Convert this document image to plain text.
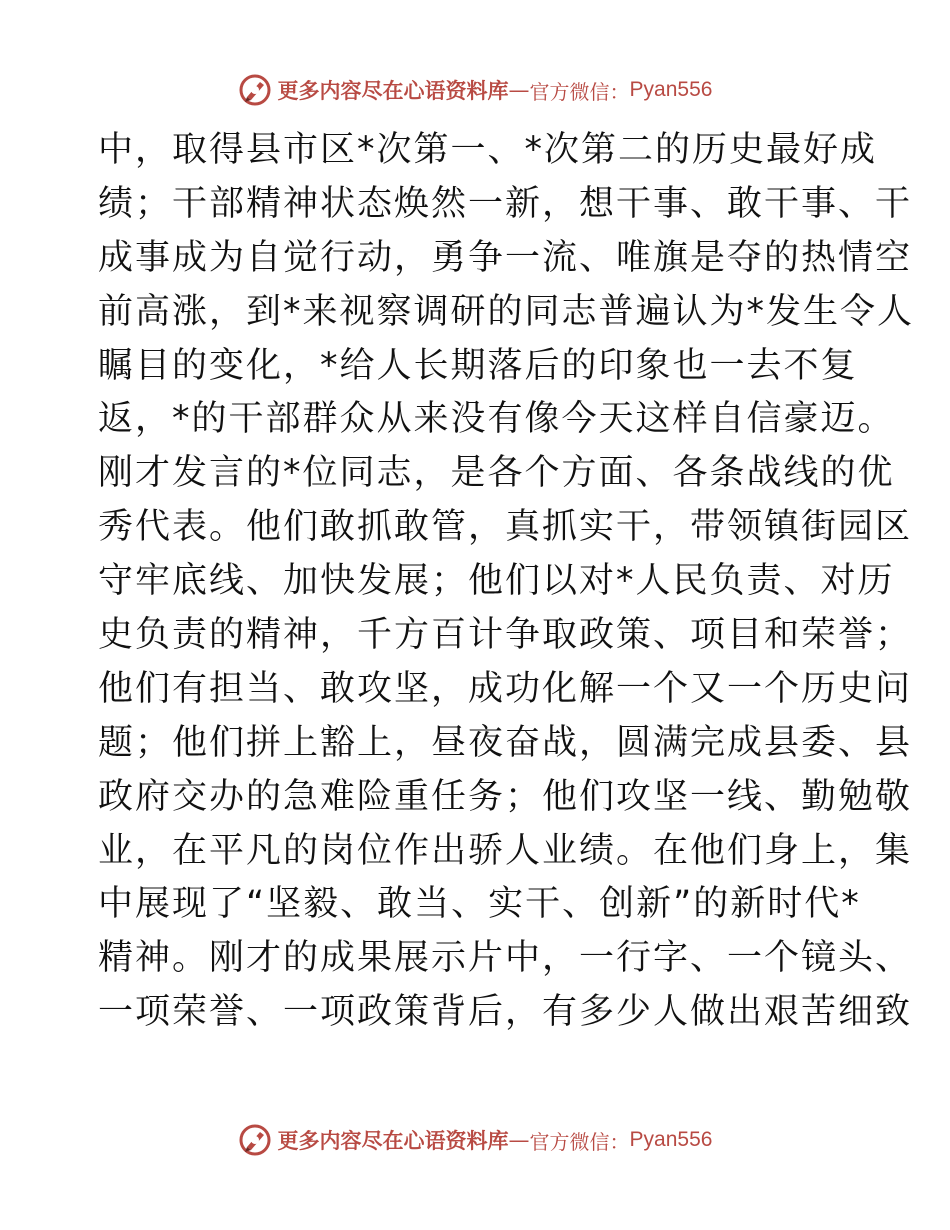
更多内容尽在心语资料库 — 官方微信： Pyan556
中，取得县市区*次第一、*次第二的历史最好成
绩；干部精神状态焕然一新，想干事、敢干事、干
成事成为自觉行动，勇争一流、唯旗是夺的热情空
前高涨，到*来视察调研的同志普遍认为*发生令人
瞩目的变化，*给人长期落后的印象也一去不复
返，*的干部群众从来没有像今天这样自信豪迈。
刚才发言的*位同志，是各个方面、各条战线的优
秀代表。他们敢抓敢管，真抓实干，带领镇街园区
守牢底线、加快发展；他们以对*人民负责、对历
史负责的精神，千方百计争取政策、项目和荣誉；
他们有担当、敢攻坚，成功化解一个又一个历史问
题；他们拼上豁上，昼夜奋战，圆满完成县委、县
政府交办的急难险重任务；他们攻坚一线、勤勉敬
业，在平凡的岗位作出骄人业绩。在他们身上，集
中展现了“坚毅、敢当、实干、创新”的新时代*
精神。刚才的成果展示片中，一行字、一个镜头、
一项荣誉、一项政策背后，有多少人做出艰苦细致
更多内容尽在心语资料库 — 官方微信： Pyan556
